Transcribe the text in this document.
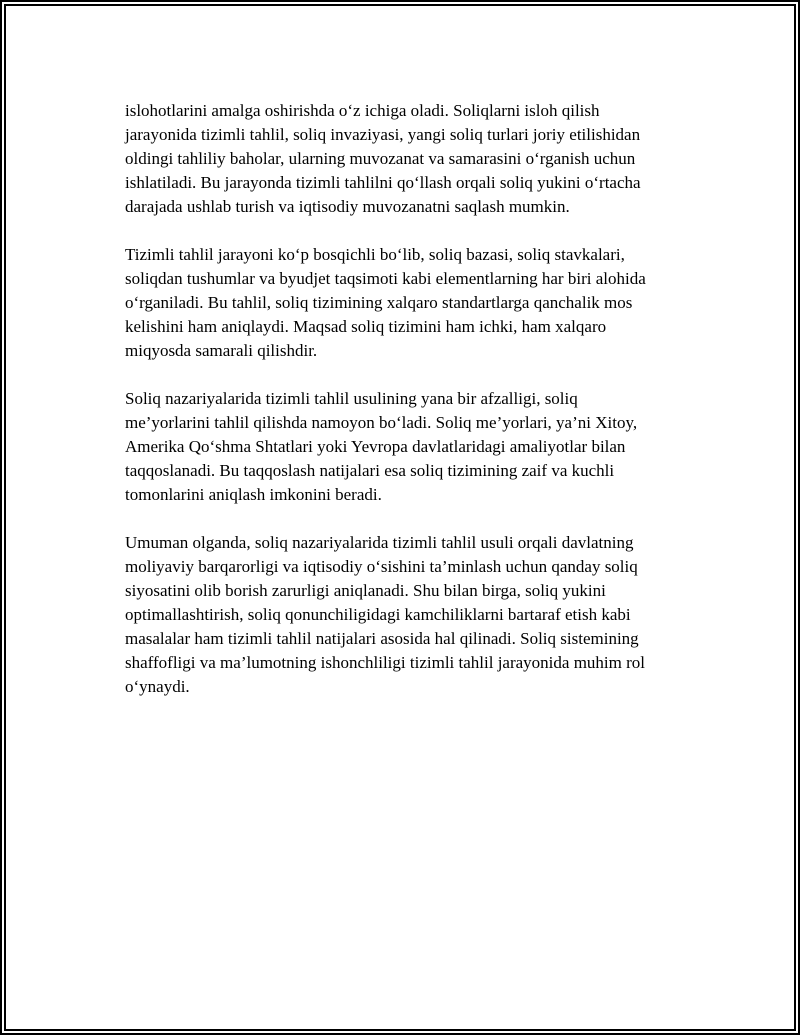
islohotlarini amalga oshirishda o‘z ichiga oladi. Soliqlarni isloh qilish
jarayonida tizimli tahlil, soliq invaziyasi, yangi soliq turlari joriy etilishidan
oldingi tahliliy baholar, ularning muvozanat va samarasini o‘rganish uchun
ishlatiladi. Bu jarayonda tizimli tahlilni qo‘llash orqali soliq yukini o‘rtacha
darajada ushlab turish va iqtisodiy muvozanatni saqlash mumkin.

Tizimli tahlil jarayoni ko‘p bosqichli bo‘lib, soliq bazasi, soliq stavkalari,
soliqdan tushumlar va byudjet taqsimoti kabi elementlarning har biri alohida
o‘rganiladi. Bu tahlil, soliq tizimining xalqaro standartlarga qanchalik mos
kelishini ham aniqlaydi. Maqsad soliq tizimini ham ichki, ham xalqaro
miqyosda samarali qilishdir.

Soliq nazariyalarida tizimli tahlil usulining yana bir afzalligi, soliq
me’yorlarini tahlil qilishda namoyon bo‘ladi. Soliq me’yorlari, ya’ni Xitoy,
Amerika Qo‘shma Shtatlari yoki Yevropa davlatlaridagi amaliyotlar bilan
taqqoslanadi. Bu taqqoslash natijalari esa soliq tizimining zaif va kuchli
tomonlarini aniqlash imkonini beradi.

Umuman olganda, soliq nazariyalarida tizimli tahlil usuli orqali davlatning
moliyaviy barqarorligi va iqtisodiy o‘sishini ta’minlash uchun qanday soliq
siyosatini olib borish zarurligi aniqlanadi. Shu bilan birga, soliq yukini
optimallashtirish, soliq qonunchiligidagi kamchiliklarni bartaraf etish kabi
masalalar ham tizimli tahlil natijalari asosida hal qilinadi. Soliq sistemining
shaffofligi va ma’lumotning ishonchliligi tizimli tahlil jarayonida muhim rol
o‘ynaydi.
